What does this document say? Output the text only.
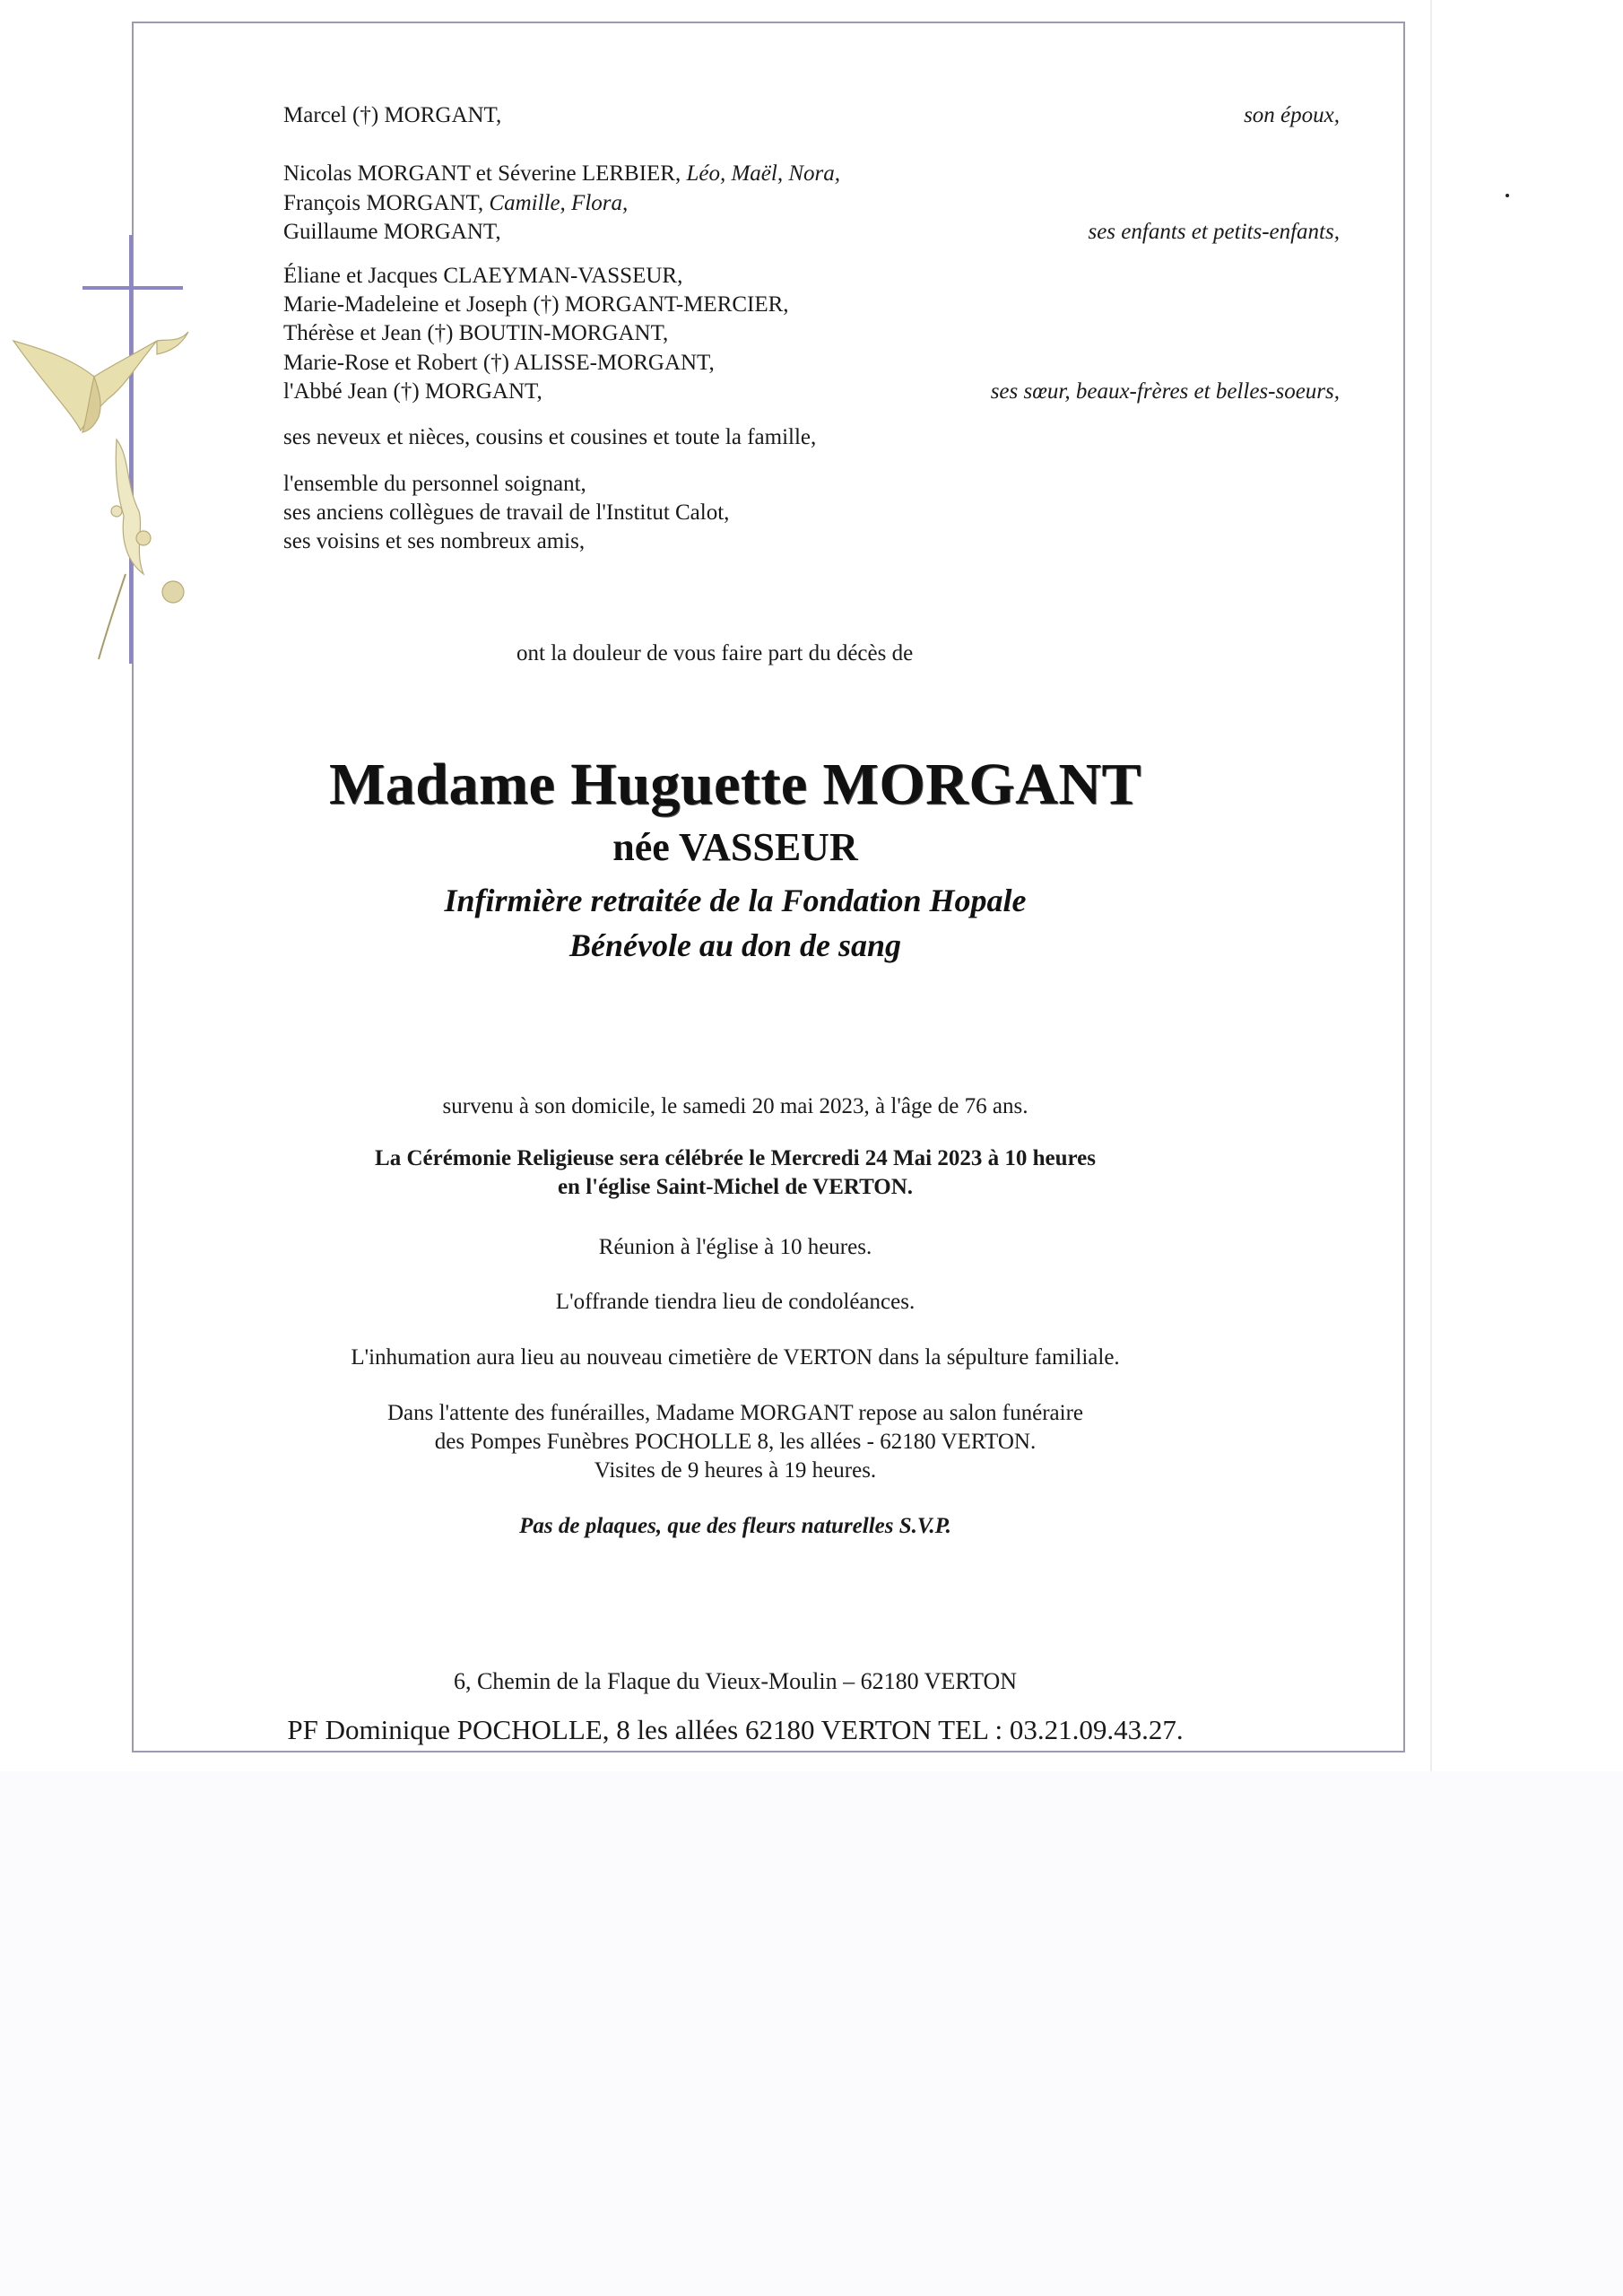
Marcel (†) MORGANT,	son époux,
Nicolas MORGANT et Séverine LERBIER, Léo, Maël, Nora,
François MORGANT, Camille, Flora,
Guillaume MORGANT,	ses enfants et petits-enfants,
Éliane et Jacques CLAEYMAN-VASSEUR,
Marie-Madeleine et Joseph (†) MORGANT-MERCIER,
Thérèse et Jean (†) BOUTIN-MORGANT,
Marie-Rose et Robert (†) ALISSE-MORGANT,
l'Abbé Jean (†) MORGANT,	ses sœur, beaux-frères et belles-soeurs,
ses neveux et nièces, cousins et cousines et toute la famille,
l'ensemble du personnel soignant,
ses anciens collègues de travail de l'Institut Calot,
ses voisins et ses nombreux amis,
ont la douleur de vous faire part du décès de
Madame Huguette MORGANT
née VASSEUR
Infirmière retraitée de la Fondation Hopale
Bénévole au don de sang
survenu à son domicile, le samedi 20 mai 2023, à l'âge de 76 ans.
La Cérémonie Religieuse sera célébrée le Mercredi 24 Mai 2023 à 10 heures
en l'église Saint-Michel de VERTON.
Réunion à l'église à 10 heures.
L'offrande tiendra lieu de condoléances.
L'inhumation aura lieu au nouveau cimetière de VERTON dans la sépulture familiale.
Dans l'attente des funérailles, Madame MORGANT repose au salon funéraire
des Pompes Funèbres POCHOLLE 8, les allées - 62180 VERTON.
Visites de 9 heures à 19 heures.
Pas de plaques, que des fleurs naturelles S.V.P.
6, Chemin de la Flaque du Vieux-Moulin – 62180 VERTON
PF Dominique POCHOLLE, 8 les allées 62180 VERTON TEL : 03.21.09.43.27.
